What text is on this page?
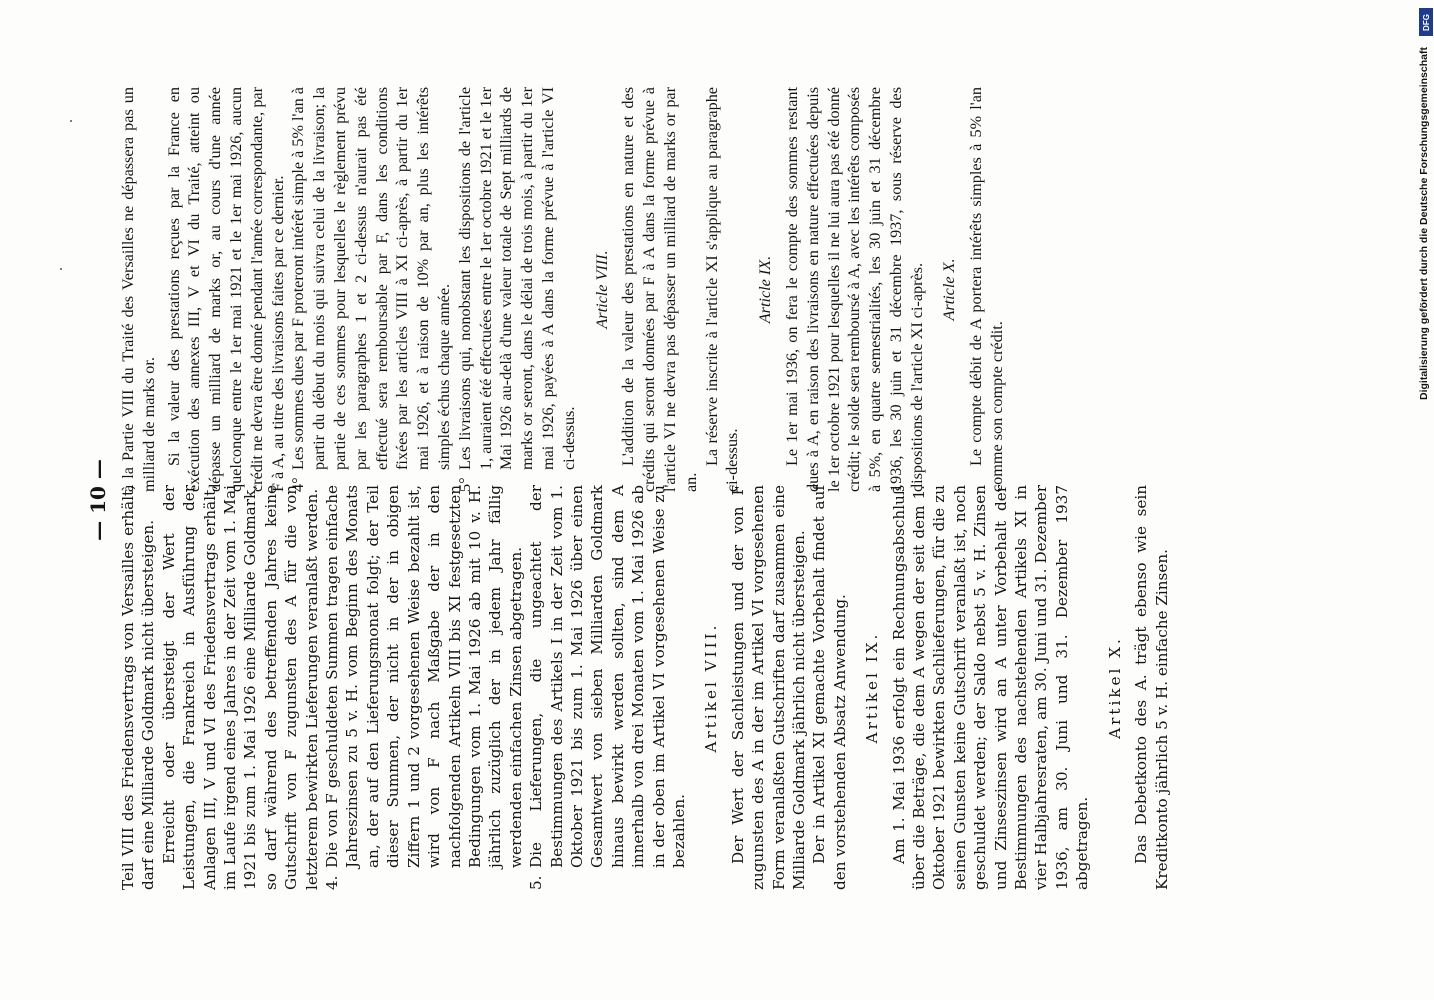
— 10 — Teil VIII des Friedensvertrags von Versailles erhält, darf eine Milliarde Goldmark nicht übersteigen. Erreicht oder übersteigt der Wert der Leistungen, die Frankreich in Ausführung der Anlagen III, V und VI des Friedensvertrags erhält, im Laufe irgend eines Jahres in der Zeit vom 1. Mai 1921 bis zum 1. Mai 1926 eine Milliarde Goldmark, so darf während des betreffenden Jahres keine Gutschrift von F zugunsten des A für die von letzterem bewirkten Lieferungen veranlaßt werden. 4.
Die von F geschuldeten Summen tragen einfache Jahreszinsen zu 5 v. H. vom Beginn des Monats an, der auf den Lieferungsmonat folgt; der Teil dieser Summen, der nicht in der in obigen Ziffern 1 und 2 vorgesehenen Weise bezahlt ist, wird von F nach Maßgabe der in den nachfolgenden Artikeln VIII bis XI festgesetzten Bedingungen vom 1. Mai 1926 ab mit 10 v. H. jährlich zuzüglich der in jedem Jahr fällig werdenden einfachen Zinsen abgetragen.
5.
Die Lieferungen, die ungeachtet der Bestimmungen des Artikels I in der Zeit vom 1. Oktober 1921 bis zum 1. Mai 1926 über einen Gesamtwert von sieben Milliarden Goldmark hinaus bewirkt werden sollten, sind dem A innerhalb von drei Monaten vom 1. Mai 1926 ab in der oben im Artikel VI vorgesehenen Weise zu bezahlen.
Artikel VIII. Der Wert der Sachleistungen und der von F zugunsten des A in der im Artikel VI vorgesehenen Form veranlaßten Gutschriften darf zusammen eine Milliarde Goldmark jährlich nicht übersteigen. Der in Artikel XI gemachte Vorbehalt findet auf den vorstehenden Absatz Anwendung. Artikel IX. Am 1. Mai 1936 erfolgt ein Rechnungsabschluß über die Beträge, die dem A wegen der seit dem 1. Oktober 1921 bewirkten Sachlieferungen, für die zu seinen Gunsten keine Gutschrift veranlaßt ist, noch geschuldet werden; der Saldo nebst 5 v. H. Zinsen und Zinseszinsen wird an A unter Vorbehalt der Bestimmungen des nachstehenden Artikels XI in vier Halbjahresraten, am 30. Juni und 31. Dezember 1936, am 30. Juni und 31. Dezember 1937 abgetragen.

Artikel X. Das Debetkonto des A. trägt ebenso wie sein Kreditkonto jährlich 5 v. H. einfache Zinsen.

à la Partie VIII du Traité des Versailles ne dépassera pas un milliard de marks or. Si la valeur des prestations reçues par la France en exécution des annexes III, V et VI du Traité, atteint ou dépasse un milliard de marks or, au cours d'une année quelconque entre le 1er mai 1921 et le 1er mai 1926, aucun crédit ne devra être donné pendant l'année correspondante, par F à A, au titre des livraisons faites par ce dernier. 4°
Les sommes dues par F proteront intérêt simple à 5% l'an à partir du début du mois qui suivra celui de la livraison; la partie de ces sommes pour lesquelles le règlement prévu par les paragraphes 1 et 2 ci-dessus n'aurait pas été effectué sera remboursable par F, dans les conditions fixées par les articles VIII à XI ci-après, à partir du 1er mai 1926, et à raison de 10% par an, plus les intérêts simples échus chaque année.
5°
Les livraisons qui, nonobstant les dispositions de l'article 1, auraient été effectuées entre le 1er octobre 1921 et le 1er Mai 1926 au-delà d'une valeur totale de Sept milliards de marks or seront, dans le délai de trois mois, à partir du 1er mai 1926, payées à A dans la forme prévue à l'article VI ci-dessus.
Article VIII. L'addition de la valeur des prestations en nature et des crédits qui seront données par F à A dans la forme prévue à l'article VI ne devra pas dépasser un milliard de marks or par an.

La réserve inscrite à l'article XI s'applique au paragraphe ci-dessus.

Article IX. Le 1er mai 1936, on fera le compte des sommes restant dues à A, en raison des livraisons en nature effectuées depuis le 1er octobre 1921 pour lesquelles il ne lui aura pas été donné crédit; le solde sera remboursé à A, avec les intérêts composés à 5%, en quatre semestrialités, les 30 juin et 31 décembre 1936, les 30 juin et 31 décembre 1937, sous réserve des dispositions de l'article XI ci-après. Article X. Le compte débit de A portera intérêts simples à 5% l'an comme son compte crédit.

DFG
Digitalisierung gefördert durch die Deutsche Forschungsgemeinschaft
